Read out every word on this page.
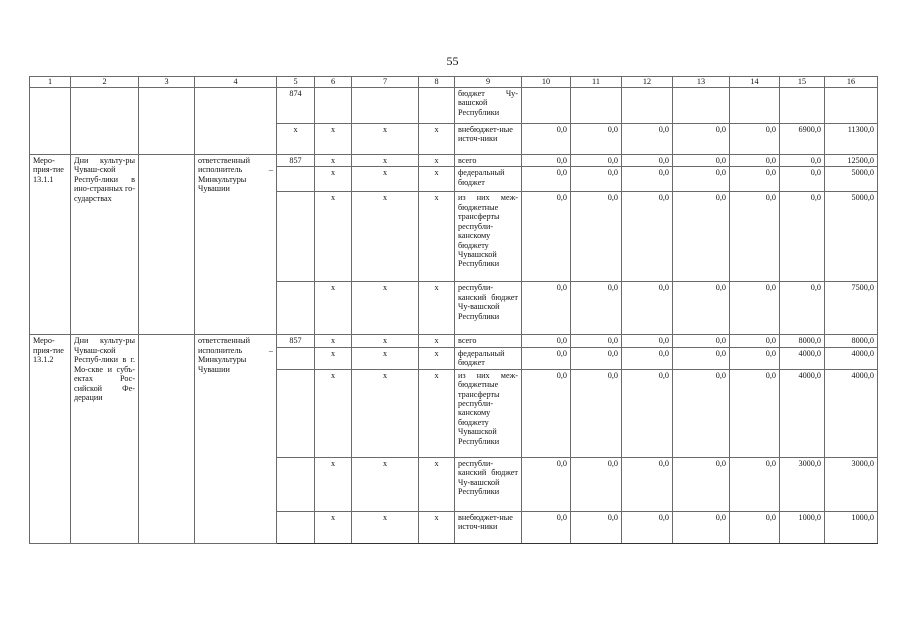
55
1	2	3	4	5	6	7	8	9	10	11	12	13	14	15	16
				874				бюджет Чу-вашской Республики							
				х	х	х	х	внебюджет-ные источ-ники	0,0	0,0	0,0	0,0	0,0	6900,0	11300,0
Меро-прия-тие 13.1.1	Дни культу-ры Чуваш-ской Респуб-лики в ино-странных го-сударствах		ответственный исполнитель – Минкультуры Чувашии	857	х	х	х	всего	0,0	0,0	0,0	0,0	0,0	0,0	12500,0
					х	х	х	федеральный бюджет	0,0	0,0	0,0	0,0	0,0	0,0	5000,0
					х	х	х	из них меж-бюджетные трансферты республи-канскому бюджету Чувашской Республики	0,0	0,0	0,0	0,0	0,0	0,0	5000,0
					х	х	х	республи-канский бюджет Чу-вашской Республики	0,0	0,0	0,0	0,0	0,0	0,0	7500,0
Меро-прия-тие 13.1.2	Дни культу-ры Чуваш-ской Респуб-лики в г. Мо-скве и субъ-ектах Рос-сийской Фе-дерации		ответственный исполнитель – Минкультуры Чувашии	857	х	х	х	всего	0,0	0,0	0,0	0,0	0,0	8000,0	8000,0
					х	х	х	федеральный бюджет	0,0	0,0	0,0	0,0	0,0	4000,0	4000,0
					х	х	х	из них меж-бюджетные трансферты республи-канскому бюджету Чувашской Республики	0,0	0,0	0,0	0,0	0,0	4000,0	4000,0
					х	х	х	республи-канский бюджет Чу-вашской Республики	0,0	0,0	0,0	0,0	0,0	3000,0	3000,0
					х	х	х	внебюджет-ные источ-ники	0,0	0,0	0,0	0,0	0,0	1000,0	1000,0
